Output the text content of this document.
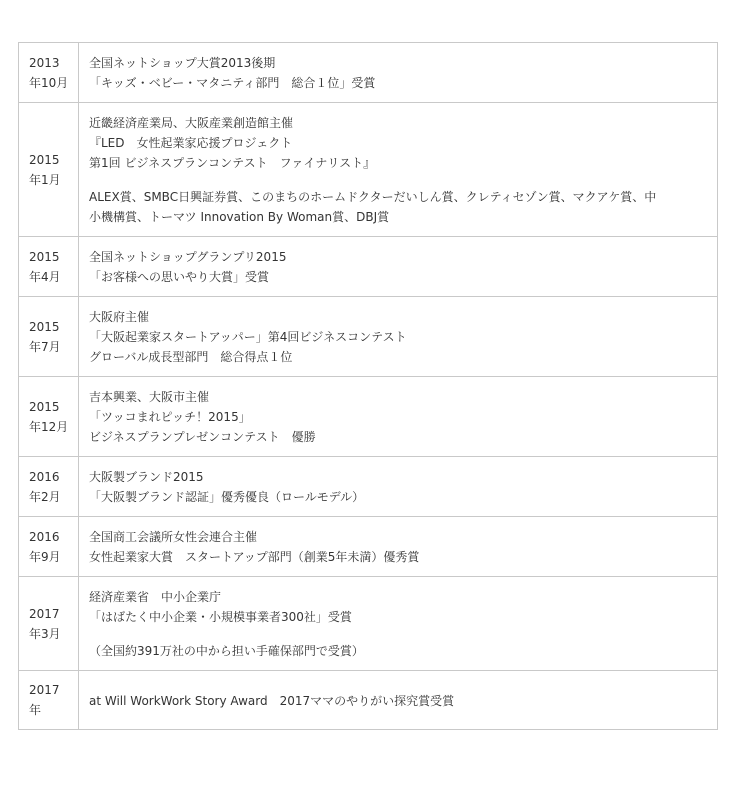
2013年10月	全国ネットショップ大賞2013後期
「キッズ・ベビー・マタニティ部門　総合１位」受賞

2015年1月	近畿経済産業局、大阪産業創造館主催
『LED　女性起業家応援プロジェクト
第1回 ビジネスプランコンテスト　ファイナリスト』
ALEX賞、SMBC日興証券賞、このまちのホームドクターだいしん賞、クレティセゾン賞、マクアケ賞、中
小機構賞、トーマツ Innovation By Woman賞、DBJ賞

2015年4月	全国ネットショップグランプリ2015
「お客様への思いやり大賞」受賞

2015年7月	大阪府主催
「大阪起業家スタートアッパー」第4回ビジネスコンテスト
グローバル成長型部門　総合得点１位

2015年12月	吉本興業、大阪市主催
「ツッコまれピッチ！2015」
ビジネスプランプレゼンコンテスト　優勝

2016年2月	大阪製ブランド2015
「大阪製ブランド認証」優秀優良（ロールモデル）

2016年9月	全国商工会議所女性会連合主催
女性起業家大賞　スタートアップ部門（創業5年未満）優秀賞

2017年3月	経済産業省　中小企業庁
「はばたく中小企業・小規模事業者300社」受賞
（全国約391万社の中から担い手確保部門で受賞）

2017年	at Will WorkWork Story Award　2017ママのやりがい探究賞受賞
